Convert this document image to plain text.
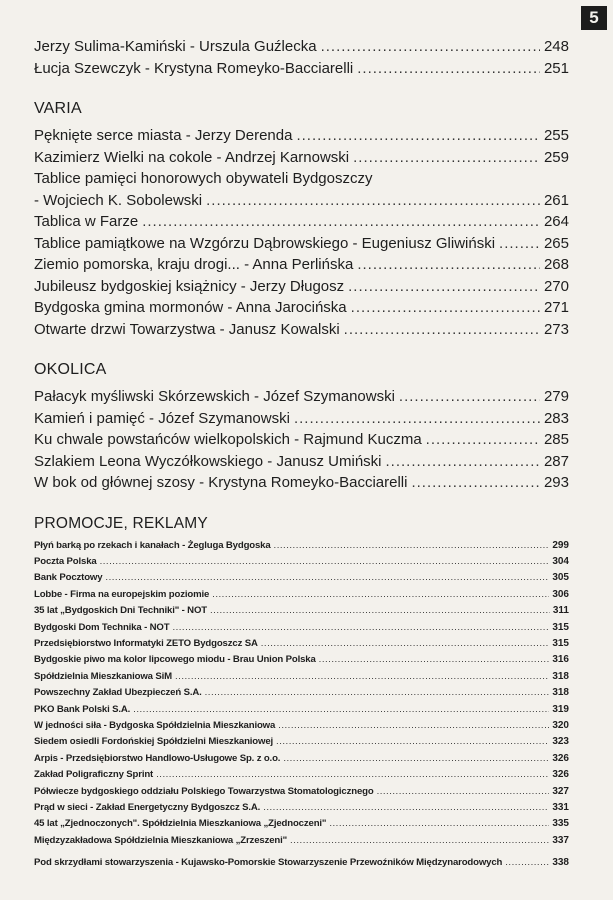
5
Jerzy Sulima-Kamiński - Urszula Guźlecka .....	248
Łucja Szewczyk - Krystyna Romeyko-Bacciarelli .....	251
VARIA
Pęknięte serce miasta - Jerzy Derenda .....	255
Kazimierz Wielki na cokole - Andrzej Karnowski .....	259
Tablice pamięci honorowych obywateli Bydgoszczy
- Wojciech K. Sobolewski .....	261
Tablica w Farze .....	264
Tablice pamiątkowe na Wzgórzu Dąbrowskiego - Eugeniusz Gliwiński .....	265
Ziemio pomorska, kraju drogi... - Anna Perlińska .....	268
Jubileusz bydgoskiej książnicy - Jerzy Długosz .....	270
Bydgoska gmina mormonów - Anna Jarocińska .....	271
Otwarte drzwi Towarzystwa - Janusz Kowalski .....	273
OKOLICA
Pałacyk myśliwski Skórzewskich - Józef Szymanowski .....	279
Kamień i pamięć - Józef Szymanowski .....	283
Ku chwale powstańców wielkopolskich - Rajmund Kuczma .....	285
Szlakiem Leona Wyczółkowskiego - Janusz Umiński .....	287
W bok od głównej szosy - Krystyna Romeyko-Bacciarelli .....	293
PROMOCJE, REKLAMY
Płyń barką po rzekach i kanałach - Żegluga Bydgoska .....	299
Poczta Polska .....	304
Bank Pocztowy .....	305
Lobbe - Firma na europejskim poziomie .....	306
35 lat „Bydgoskich Dni Techniki" - NOT .....	311
Bydgoski Dom Technika - NOT .....	315
Przedsiębiorstwo Informatyki ZETO Bydgoszcz SA .....	315
Bydgoskie piwo ma kolor lipcowego miodu - Brau Union Polska .....	316
Spółdzielnia Mieszkaniowa SiM .....	318
Powszechny Zakład Ubezpieczeń S.A. .....	318
PKO Bank Polski S.A. .....	319
W jedności siła - Bydgoska Spółdzielnia Mieszkaniowa .....	320
Siedem osiedli Fordońskiej Spółdzielni Mieszkaniowej .....	323
Arpis - Przedsiębiorstwo Handlowo-Usługowe Sp. z o.o. .....	326
Zakład Poligraficzny Sprint .....	326
Półwiecze bydgoskiego oddziału Polskiego Towarzystwa Stomatologicznego .....	327
Prąd w sieci - Zakład Energetyczny Bydgoszcz S.A. .....	331
45 lat „Zjednoczonych". Spółdzielnia Mieszkaniowa „Zjednoczeni" .....	335
Międzyzakładowa Spółdzielnia Mieszkaniowa „Zrzeszeni" .....	337
Pod skrzydłami stowarzyszenia - Kujawsko-Pomorskie Stowarzyszenie Przewoźników Międzynarodowych .....	338
